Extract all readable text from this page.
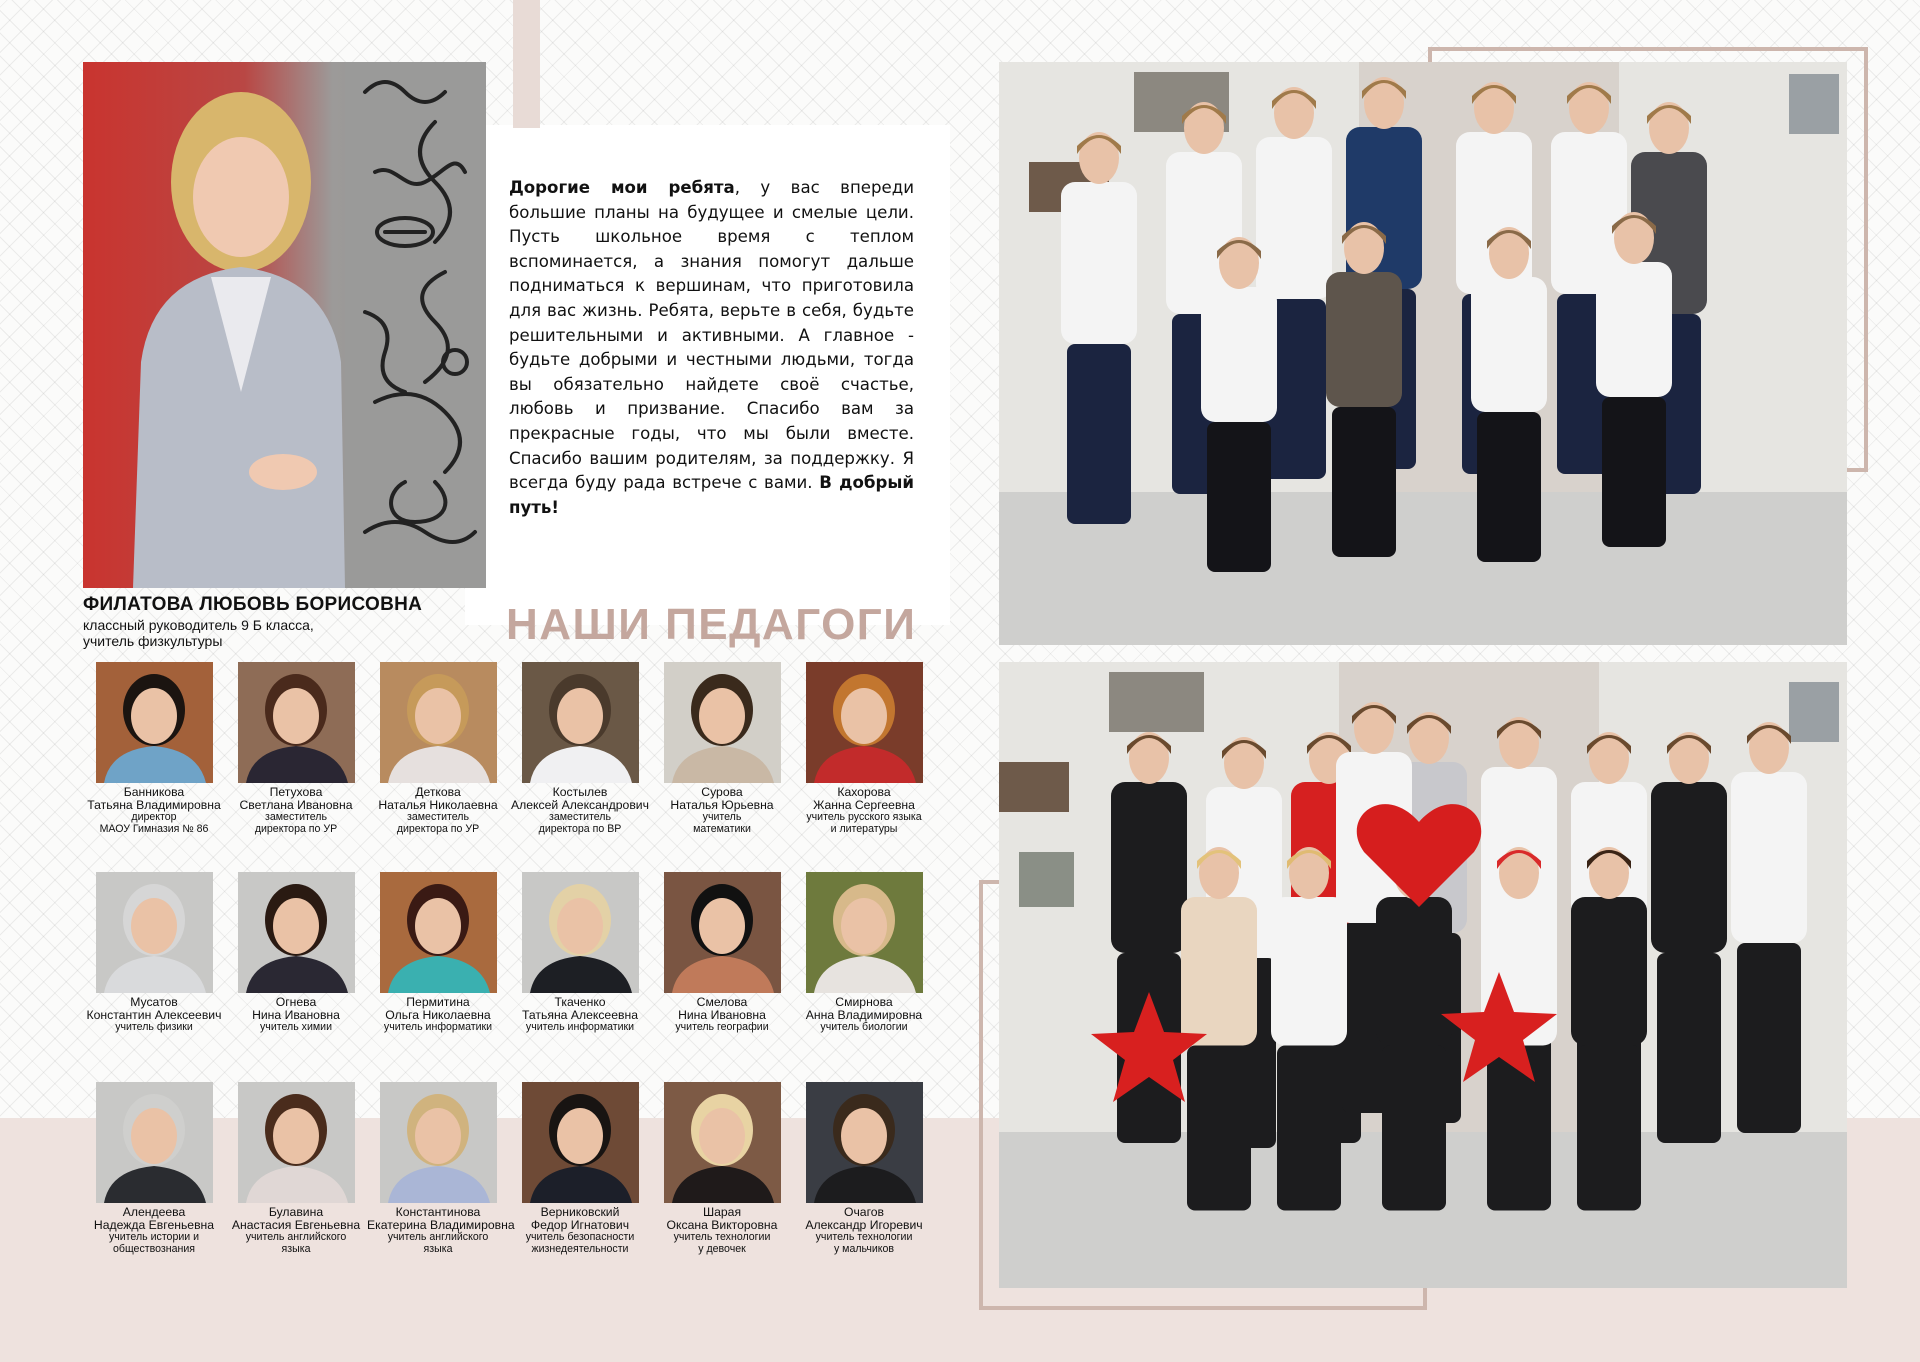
ФИЛАТОВА ЛЮБОВЬ БОРИСОВНА
классный руководитель 9 Б класса,
учитель физкультуры
Дорогие мои ребята, у вас впереди большие планы на будущее и смелые цели. Пусть школьное время с теплом вспоминается, а знания помогут дальше подниматься к вершинам, что приготовила для вас жизнь. Ребята, верьте в себя, будьте решительными и активными. А главное - будьте добрыми и честными людьми, тогда вы обязательно найдете своё счастье, любовь и призвание. Спасибо вам за прекрасные годы, что мы были вместе. Спасибо вашим родителям, за поддержку. Я всегда буду рада встрече с вами. В добрый путь!
НАШИ ПЕДАГОГИ
Банникова
Татьяна Владимировна
директор
МАОУ Гимназия № 86
Петухова
Светлана Ивановна
заместитель
директора по УР
Деткова
Наталья Николаевна
заместитель
директора по УР
Костылев
Алексей Александрович
заместитель
директора по ВР
Сурова
Наталья Юрьевна
учитель
математики
Кахорова
Жанна Сергеевна
учитель русского языка
и литературы
Мусатов
Константин Алексеевич
учитель физики
Огнева
Нина Ивановна
учитель химии
Пермитина
Ольга Николаевна
учитель информатики
Ткаченко
Татьяна Алексеевна
учитель информатики
Смелова
Нина Ивановна
учитель географии
Смирнова
Анна Владимировна
учитель биологии
Алендеева
Надежда Евгеньевна
учитель истории и
обществознания
Булавина
Анастасия Евгеньевна
учитель английского
языка
Константинова
Екатерина Владимировна
учитель английского
языка
Верниковский
Федор Игнатович
учитель безопасности
жизнедеятельности
Шарая
Оксана Викторовна
учитель технологии
у девочек
Очагов
Александр Игоревич
учитель технологии
у мальчиков
